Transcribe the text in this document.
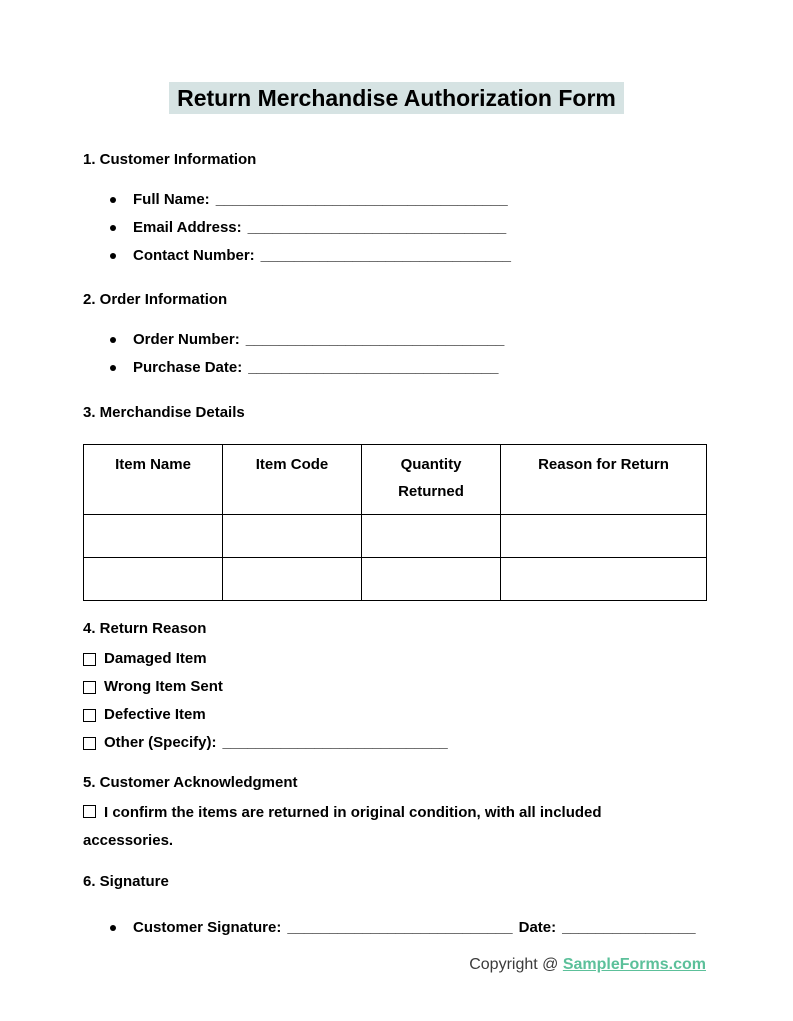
Return Merchandise Authorization Form
1. Customer Information
Full Name: ___________________________________
Email Address: _______________________________
Contact Number: ______________________________
2. Order Information
Order Number: _______________________________
Purchase Date: ______________________________
3. Merchandise Details
Item Name	Item Code	Quantity Returned	Reason for Return

4. Return Reason
Damaged Item
Wrong Item Sent
Defective Item
Other (Specify): ___________________________
5. Customer Acknowledgment
I confirm the items are returned in original condition, with all included accessories.
6. Signature
Customer Signature: ___________________________ Date: ________________
Copyright @ SampleForms.com
